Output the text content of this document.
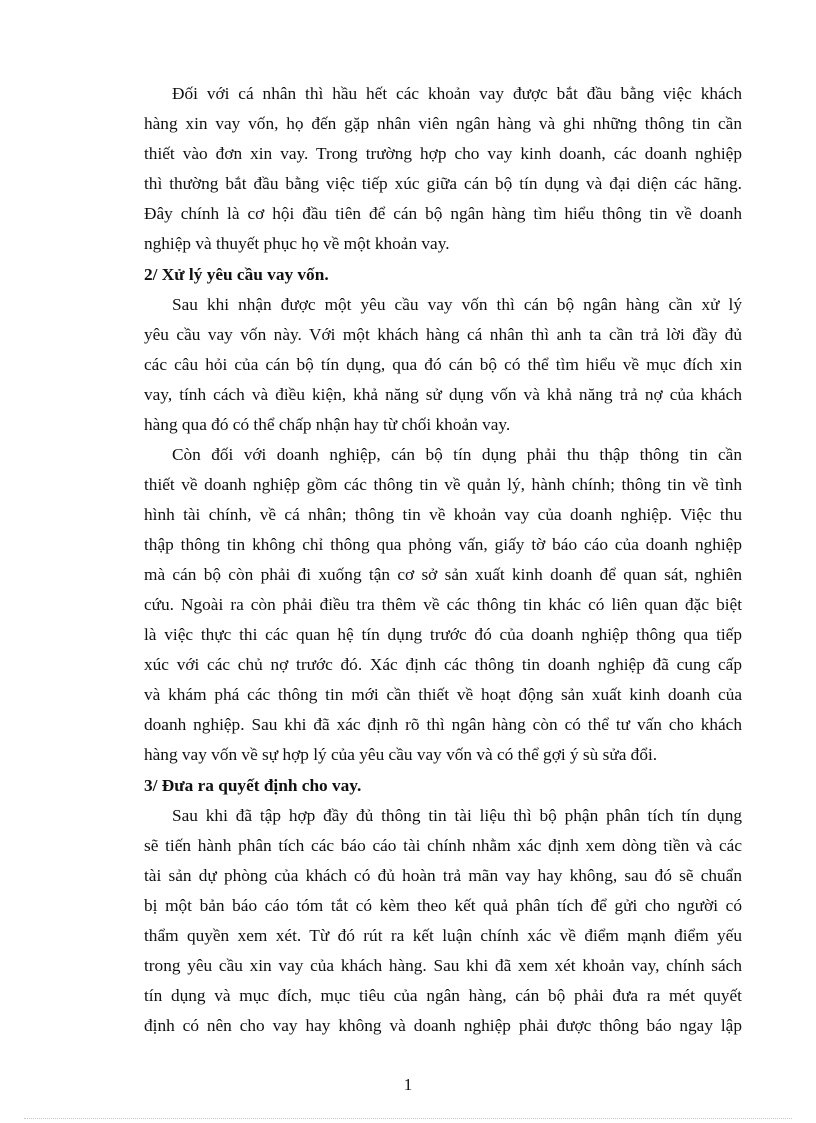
Đối với cá nhân thì hầu hết các khoản vay được bắt đầu bằng việc khách
hàng xin vay vốn, họ đến gặp nhân viên ngân hàng và ghi những thông tin cần
thiết vào đơn xin vay. Trong trường hợp cho vay kinh doanh, các doanh nghiệp
thì thường bắt đầu bằng việc tiếp xúc giữa cán bộ tín dụng và đại diện các hãng.
Đây chính là cơ hội đầu tiên để cán bộ ngân hàng tìm hiểu thông tin về doanh
nghiệp và thuyết phục họ về một khoản vay.
2/ Xử lý yêu cầu vay vốn.
Sau khi nhận được một yêu cầu vay vốn thì cán bộ ngân hàng cần xử lý
yêu cầu vay vốn này. Với một khách hàng cá nhân thì anh ta cần trả lời đầy đủ
các câu hỏi của cán bộ tín dụng, qua đó cán bộ có thể tìm hiểu về mục đích xin
vay, tính cách và điều kiện, khả năng sử dụng vốn và khả năng trả nợ của khách
hàng qua đó có thể chấp nhận hay từ chối khoản vay.
Còn đối với doanh nghiệp, cán bộ tín dụng phải thu thập thông tin cần
thiết về doanh nghiệp gồm các thông tin về quản lý, hành chính; thông tin về tình
hình tài chính, về cá nhân; thông tin về khoản vay của doanh nghiệp. Việc thu
thập thông tin không chỉ thông qua phỏng vấn, giấy tờ báo cáo của doanh nghiệp
mà cán bộ còn phải đi xuống tận cơ sở sản xuất kinh doanh để quan sát, nghiên
cứu. Ngoài ra còn phải điều tra thêm về các thông tin khác có liên quan đặc biệt
là việc thực thi các quan hệ tín dụng trước đó của doanh nghiệp thông qua tiếp
xúc với các chủ nợ trước đó. Xác định các thông tin doanh nghiệp đã cung cấp
và khám phá các thông tin mới cần thiết về hoạt động sản xuất kinh doanh của
doanh nghiệp. Sau khi đã xác định rõ thì ngân hàng còn có thể tư vấn cho khách
hàng vay vốn về sự hợp lý của yêu cầu vay vốn và có thể gợi ý sù sửa đổi.
3/ Đưa ra quyết định cho vay.
Sau khi đã tập hợp đầy đủ thông tin tài liệu thì bộ phận phân tích tín dụng
sẽ tiến hành phân tích các báo cáo tài chính nhằm xác định xem dòng tiền và các
tài sản dự phòng của khách có đủ hoàn trả mãn vay hay không, sau đó sẽ chuẩn
bị một bản báo cáo tóm tắt có kèm theo kết quả phân tích để gửi cho người có
thẩm quyền xem xét. Từ đó rút ra kết luận chính xác về điểm mạnh điểm yếu
trong yêu cầu xin vay của khách hàng. Sau khi đã xem xét khoản vay, chính sách
tín dụng và mục đích, mục tiêu của ngân hàng, cán bộ phải đưa ra mét quyết
định có nên cho vay hay không và doanh nghiệp phải được thông báo ngay lập
1
